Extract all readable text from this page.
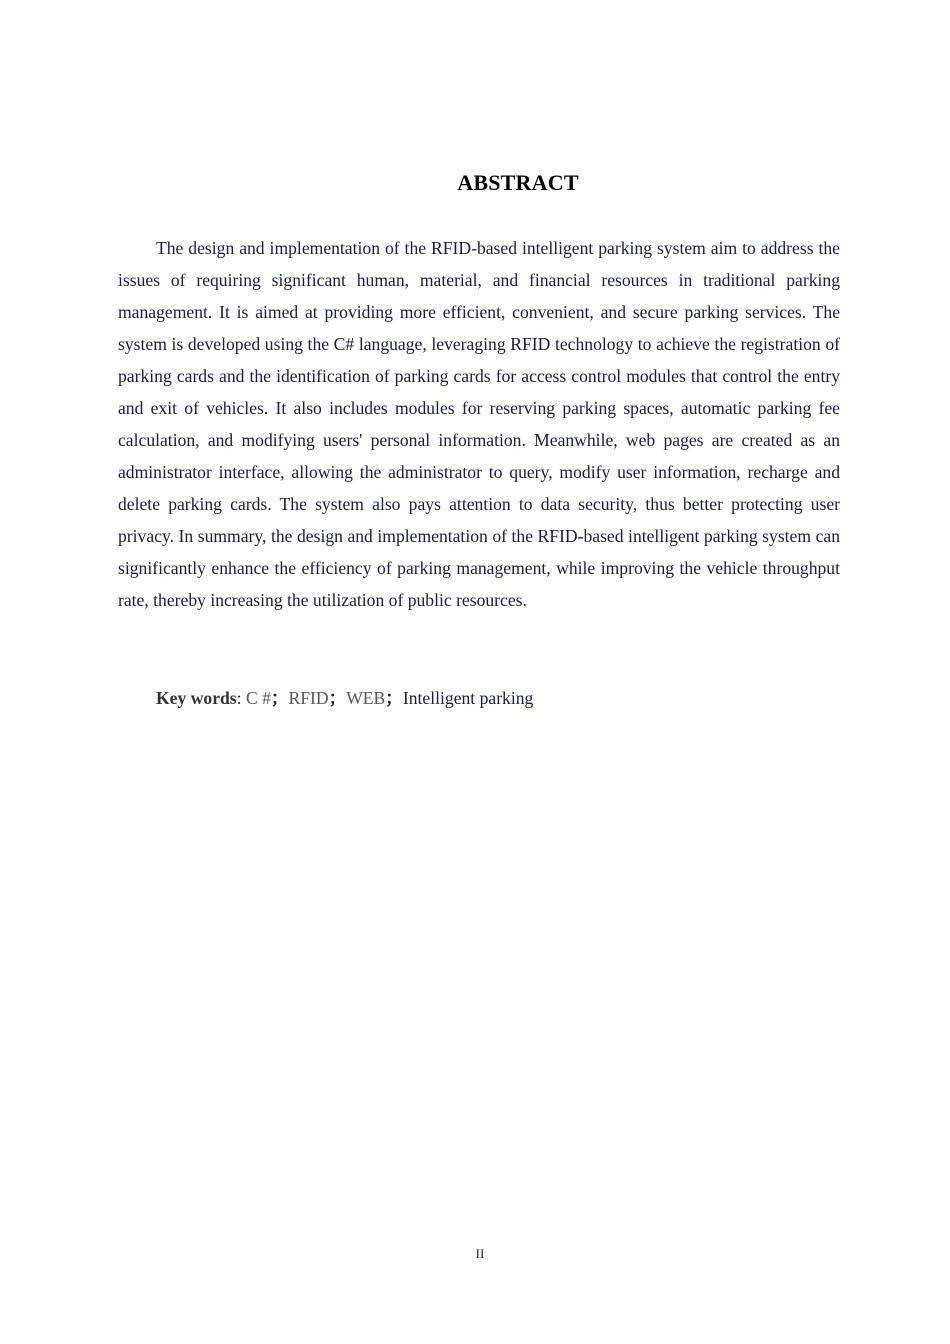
ABSTRACT

The design and implementation of the RFID-based intelligent parking system aim to address the issues of requiring significant human, material, and financial resources in traditional parking management. It is aimed at providing more efficient, convenient, and secure parking services. The system is developed using the C# language, leveraging RFID technology to achieve the registration of parking cards and the identification of parking cards for access control modules that control the entry and exit of vehicles. It also includes modules for reserving parking spaces, automatic parking fee calculation, and modifying users' personal information. Meanwhile, web pages are created as an administrator interface, allowing the administrator to query, modify user information, recharge and delete parking cards. The system also pays attention to data security, thus better protecting user privacy. In summary, the design and implementation of the RFID-based intelligent parking system can significantly enhance the efficiency of parking management, while improving the vehicle throughput rate, thereby increasing the utilization of public resources.

Key words: C #；RFID；WEB；Intelligent parking

II
